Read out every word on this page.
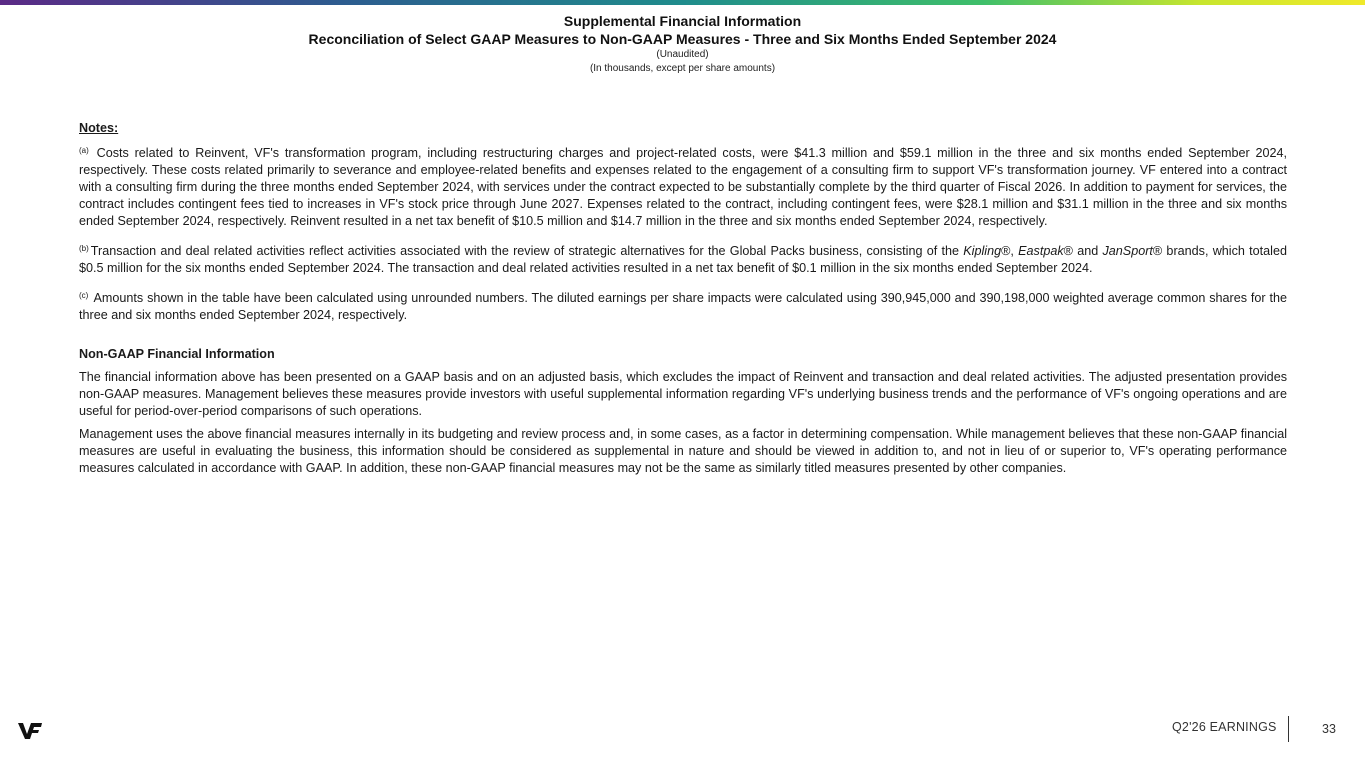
Supplemental Financial Information
Reconciliation of Select GAAP Measures to Non-GAAP Measures - Three and Six Months Ended September 2024
(Unaudited)
(In thousands, except per share amounts)
Notes:
$^{(a)}$ Costs related to Reinvent, VF's transformation program, including restructuring charges and project-related costs, were $41.3 million and $59.1 million in the three and six months ended September 2024, respectively. These costs related primarily to severance and employee-related benefits and expenses related to the engagement of a consulting firm to support VF's transformation journey. VF entered into a contract with a consulting firm during the three months ended September 2024, with services under the contract expected to be substantially complete by the third quarter of Fiscal 2026. In addition to payment for services, the contract includes contingent fees tied to increases in VF's stock price through June 2027. Expenses related to the contract, including contingent fees, were $28.1 million and $31.1 million in the three and six months ended September 2024, respectively. Reinvent resulted in a net tax benefit of $10.5 million and $14.7 million in the three and six months ended September 2024, respectively.
$^{(b)}$ Transaction and deal related activities reflect activities associated with the review of strategic alternatives for the Global Packs business, consisting of the Kipling®, Eastpak® and JanSport® brands, which totaled $0.5 million for the six months ended September 2024. The transaction and deal related activities resulted in a net tax benefit of $0.1 million in the six months ended September 2024.
$^{(c)}$ Amounts shown in the table have been calculated using unrounded numbers. The diluted earnings per share impacts were calculated using 390,945,000 and 390,198,000 weighted average common shares for the three and six months ended September 2024, respectively.
Non-GAAP Financial Information
The financial information above has been presented on a GAAP basis and on an adjusted basis, which excludes the impact of Reinvent and transaction and deal related activities. The adjusted presentation provides non-GAAP measures. Management believes these measures provide investors with useful supplemental information regarding VF's underlying business trends and the performance of VF's ongoing operations and are useful for period-over-period comparisons of such operations.
Management uses the above financial measures internally in its budgeting and review process and, in some cases, as a factor in determining compensation. While management believes that these non-GAAP financial measures are useful in evaluating the business, this information should be considered as supplemental in nature and should be viewed in addition to, and not in lieu of or superior to, VF's operating performance measures calculated in accordance with GAAP. In addition, these non-GAAP financial measures may not be the same as similarly titled measures presented by other companies.
Q2'26 EARNINGS	33
